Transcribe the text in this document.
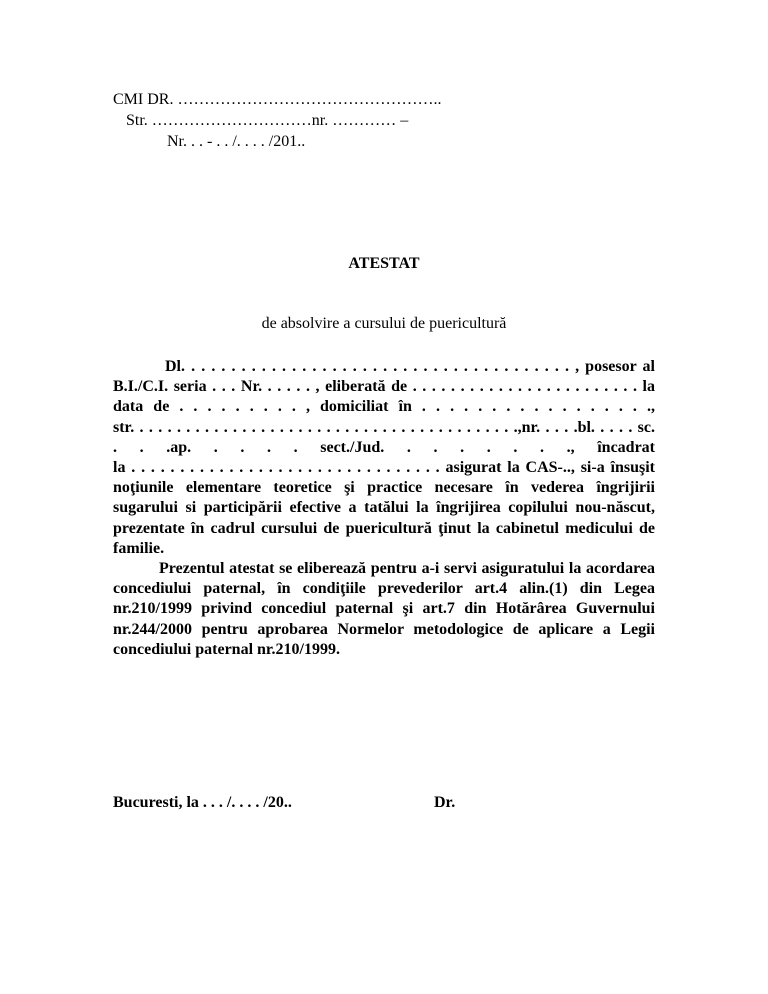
CMI DR. …………………………………………..
Str. …………………………nr. ………… –
Nr. . . - . . /. . . . /201..
ATESTAT
de absolvire a cursului de puericultură
Dl. . . . . . . . . . . . . . . . . . . . . . . . . . . . . . . . . . . . . . . , posesor al
B.I./C.I. seria . . . Nr. . . . . . , eliberată de . . . . . . . . . . . . . . . . . . . . . . . . la
data de . . . . . . . . . , domiciliat în . . . . . . . . . . . . . . . . .,
str. . . . . . . . . . . . . . . . . . . . . . . . . . . . . . . . . . . . . . . . . .,nr. . . . .bl. . . . . sc.
. . .ap. . . . . sect./Jud. . . . . . . ., încadrat
la . . . . . . . . . . . . . . . . . . . . . . . . . . . . . . . . asigurat la CAS-.., si-a însuşit
noţiunile elementare teoretice şi practice necesare în vederea îngrijirii
sugarului si participării efective a tatălui la îngrijirea copilului nou-născut,
prezentate în cadrul cursului de puericultură ţinut la cabinetul medicului de
familie.
Prezentul atestat se eliberează pentru a-i servi asiguratului la acordarea
concediului paternal, în condiţiile prevederilor art.4 alin.(1) din Legea
nr.210/1999 privind concediul paternal şi art.7 din Hotărârea Guvernului
nr.244/2000 pentru aprobarea Normelor metodologice de aplicare a Legii
concediului paternal nr.210/1999.
Bucuresti, la . . . /. . . . /20..	Dr.
